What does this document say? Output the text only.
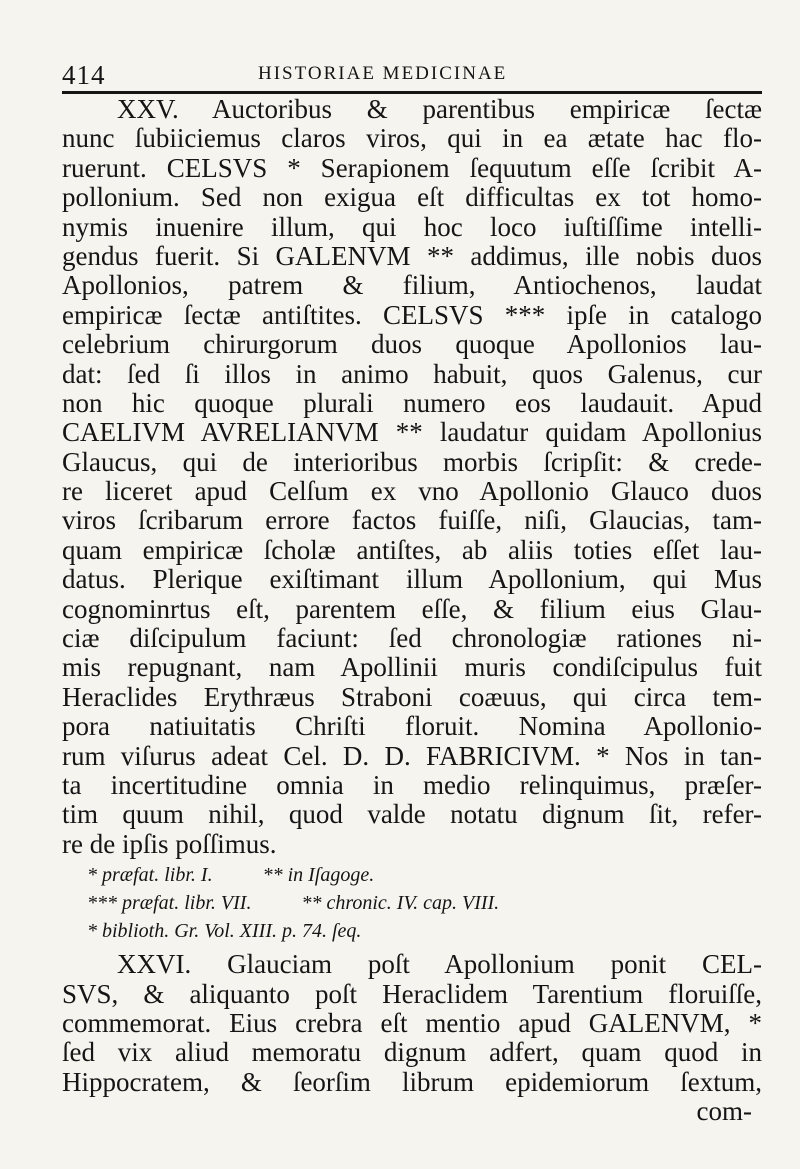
414	HISTORIAE MEDICINAE
XXV. Auctoribus & parentibus empiricæ ſectæ
nunc ſubiiciemus claros viros, qui in ea ætate hac flo-
ruerunt. CELSVS * Serapionem ſequutum eſſe ſcribit A-
pollonium. Sed non exigua eſt difficultas ex tot homo-
nymis inuenire illum, qui hoc loco iuſtiſſime intelli-
gendus fuerit. Si GALENVM ** addimus, ille nobis duos
Apollonios, patrem & filium, Antiochenos, laudat
empiricæ ſectæ antiſtites. CELSVS *** ipſe in catalogo
celebrium chirurgorum duos quoque Apollonios lau-
dat: ſed ſi illos in animo habuit, quos Galenus, cur
non hic quoque plurali numero eos laudauit. Apud
CAELIVM AVRELIANVM ** laudatur quidam Apollonius
Glaucus, qui de interioribus morbis ſcripſit: & crede-
re liceret apud Celſum ex vno Apollonio Glauco duos
viros ſcribarum errore factos fuiſſe, niſi, Glaucias, tam-
quam empiricæ ſcholæ antiſtes, ab aliis toties eſſet lau-
datus. Plerique exiſtimant illum Apollonium, qui Mus
cognominrtus eſt, parentem eſſe, & filium eius Glau-
ciæ diſcipulum faciunt: ſed chronologiæ rationes ni-
mis repugnant, nam Apollinii muris condiſcipulus fuit
Heraclides Erythræus Straboni coæuus, qui circa tem-
pora natiuitatis Chriſti floruit. Nomina Apollonio-
rum viſurus adeat Cel. D. D. FABRICIVM. * Nos in tan-
ta incertitudine omnia in medio relinquimus, præſer-
tim quum nihil, quod valde notatu dignum ſit, refer-
re de ipſis poſſimus.
* præfat. libr. I.          ** in Iſagoge.
*** præfat. libr. VII.          ** chronic. IV. cap. VIII.
* biblioth. Gr. Vol. XIII. p. 74. ſeq.
XXVI. Glauciam poſt Apollonium ponit CEL-
SVS, & aliquanto poſt Heraclidem Tarentium floruiſſe,
commemorat. Eius crebra eſt mentio apud GALENVM, *
ſed vix aliud memoratu dignum adfert, quam quod in
Hippocratem, & ſeorſim librum epidemiorum ſextum,
com-
